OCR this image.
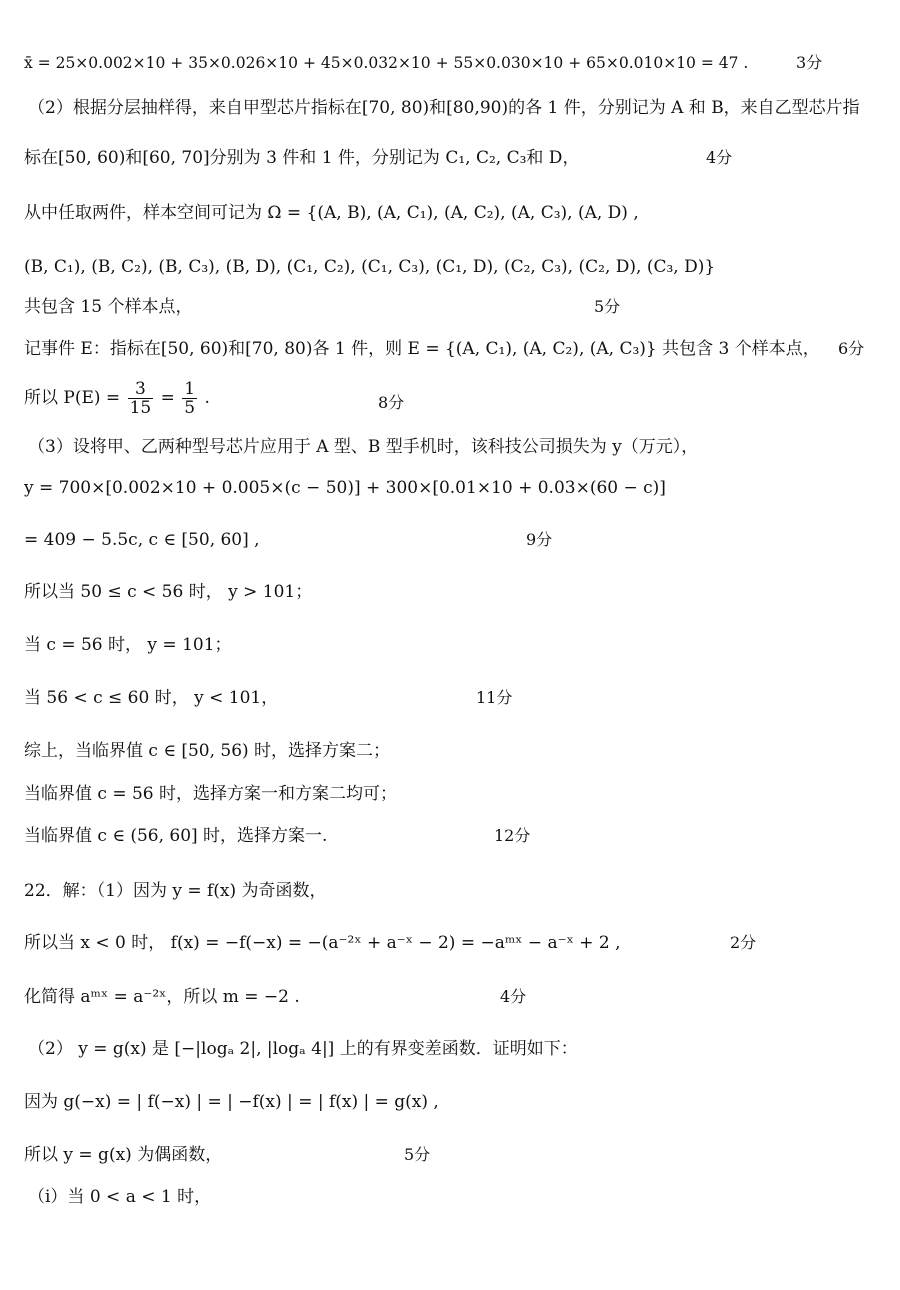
x̄ = 25×0.002×10 + 35×0.026×10 + 45×0.032×10 + 55×0.030×10 + 65×0.010×10 = 47 .	3分
（2）根据分层抽样得，来自甲型芯片指标在[70, 80)和[80,90)的各 1 件，分别记为 A 和 B，来自乙型芯片指
标在[50, 60)和[60, 70]分别为 3 件和 1 件，分别记为 C₁, C₂, C₃和 D，	4分
从中任取两件，样本空间可记为 Ω = {(A, B), (A, C₁), (A, C₂), (A, C₃), (A, D) ,
(B, C₁), (B, C₂), (B, C₃), (B, D), (C₁, C₂), (C₁, C₃), (C₁, D), (C₂, C₃), (C₂, D), (C₃, D)}
共包含 15 个样本点，	5分
记事件 E：指标在[50, 60)和[70, 80)各 1 件，则 E = {(A, C₁), (A, C₂), (A, C₃)} 共包含 3 个样本点， 6分
所以 $P(E) = \frac{3}{15} = \frac{1}{5}$ .	8分
（3）设将甲、乙两种型号芯片应用于 A 型、B 型手机时，该科技公司损失为 y（万元），
y = 700×[0.002×10 + 0.005×(c − 50)] + 300×[0.01×10 + 0.03×(60 − c)]
= 409 − 5.5c, c ∈ [50, 60] ,	9分
所以当 50 ≤ c < 56 时， y > 101；
当 c = 56 时， y = 101；
当 56 < c ≤ 60 时， y < 101，	11分
综上，当临界值 c ∈ [50, 56) 时，选择方案二；
当临界值 c = 56 时，选择方案一和方案二均可；
当临界值 c ∈ (56, 60] 时，选择方案一.	12分
22．解：（1）因为 y = f(x) 为奇函数，
所以当 x < 0 时， f(x) = −f(−x) = −(a⁻²ˣ + a⁻ˣ − 2) = −aᵐˣ − a⁻ˣ + 2 ,	2分
化简得 aᵐˣ = a⁻²ˣ，所以 m = −2 .	4分
（2） y = g(x) 是 [−|logₐ 2|, |logₐ 4|] 上的有界变差函数．证明如下：
因为 g(−x) = | f(−x) | = | −f(x) | = | f(x) | = g(x) ,
所以 y = g(x) 为偶函数，	5分
（i）当 0 < a < 1 时，
